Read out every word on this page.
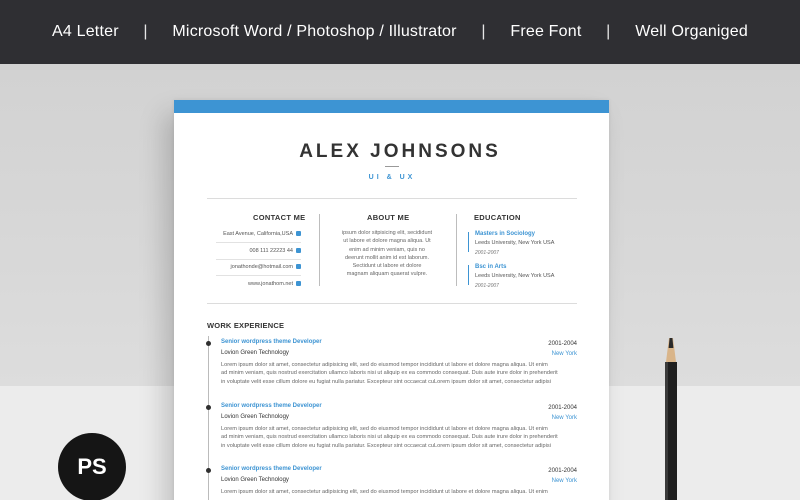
A4 Letter | Microsoft Word / Photoshop / Illustrator | Free Font | Well Organiged
ALEX JOHNSONS
UI & UX
CONTACT ME
East Avenue, California,USA
008 111 22223 44
jonathonde@hotmail.com
www.jonathom.net
ABOUT ME
ipsum dolor sitpisicing elit, secididunt
ut labore et dolore magna aliqua. Ut
enim ad minim veniam, quis no
deerunt mollit anim id est laborum.
Sectidunt ut labore et dolore
magnam aliquam quaerat vulpre.
EDUCATION
Masters in Sociology
Leeds University, New York USA
2001-2007
Bsc in Arts
Leeds University, New York USA
2001-2007
WORK EXPERIENCE
Senior wordpress theme Developer
Lovion Green Technology
2001-2004
New York
Lorem ipsum dolor sit amet, consectetur adipisicing elit, sed do eiusmod tempor incididunt ut labore et dolore magna aliqua. Ut enim
ad minim veniam, quis nostrud exercitation ullamco laboris nisi ut aliquip ex ea commodo consequat. Duis aute irure dolor in prehenderit
in voluptate velit esse cillum dolore eu fugiat nulla pariatur. Excepteur sint occaecat cuLorem ipsum dolor sit amet, consectetur adipisi
Senior wordpress theme Developer
Lovion Green Technology
2001-2004
New York
Lorem ipsum dolor sit amet, consectetur adipisicing elit, sed do eiusmod tempor incididunt ut labore et dolore magna aliqua. Ut enim
ad minim veniam, quis nostrud exercitation ullamco laboris nisi ut aliquip ex ea commodo consequat. Duis aute irure dolor in prehenderit
in voluptate velit esse cillum dolore eu fugiat nulla pariatur. Excepteur sint occaecat cuLorem ipsum dolor sit amet, consectetur adipisi
Senior wordpress theme Developer
Lovion Green Technology
2001-2004
New York
Lorem ipsum dolor sit amet, consectetur adipisicing elit, sed do eiusmod tempor incididunt ut labore et dolore magna aliqua. Ut enim
PS
